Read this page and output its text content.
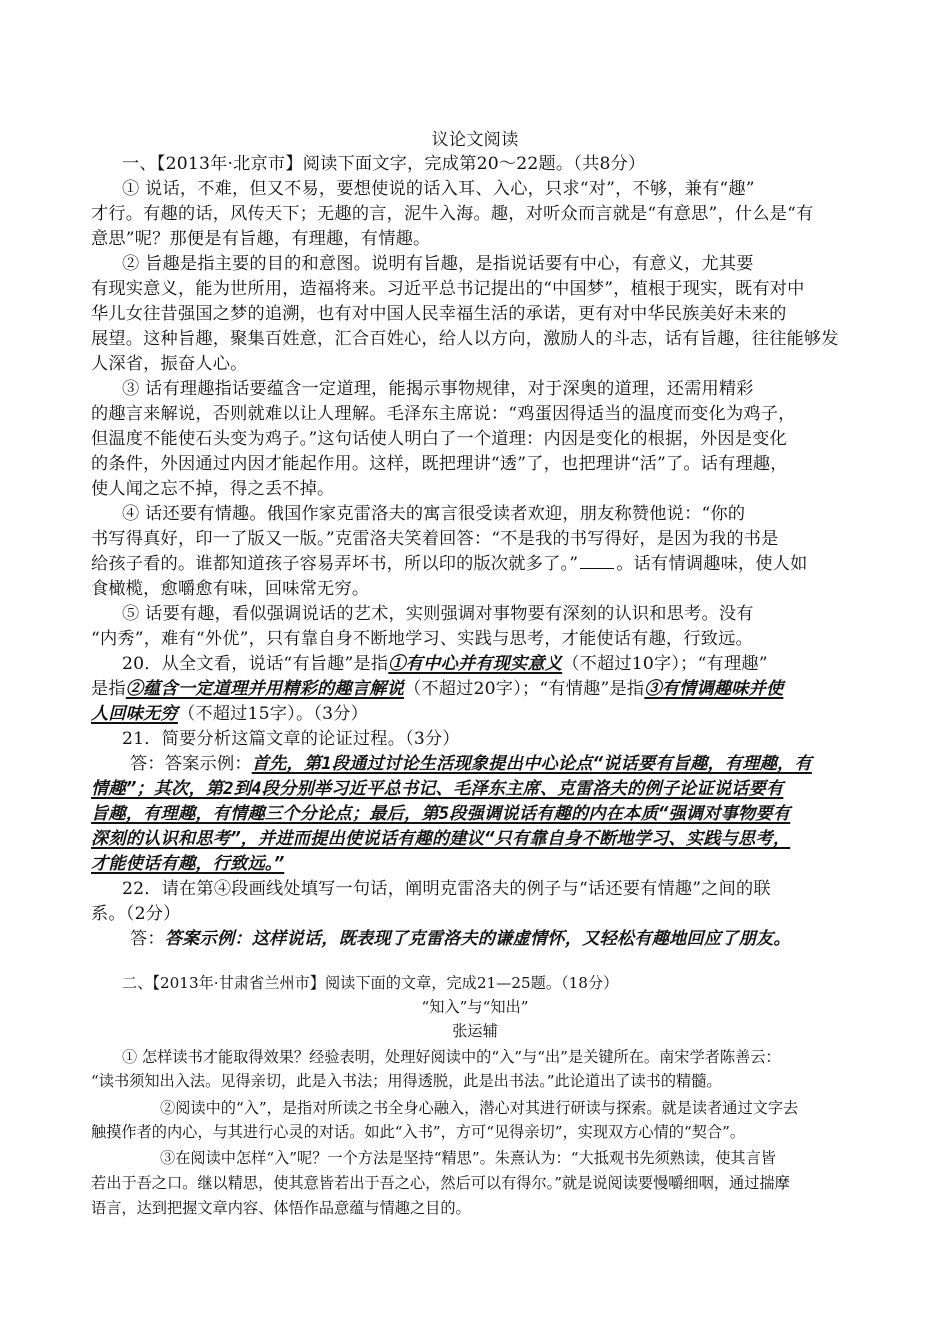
议论文阅读
一、【2013年·北京市】阅读下面文字，完成第20～22题。（共8分）
① 说话，不难，但又不易，要想使说的话入耳、入心，只求“对”，不够，兼有“趣”
才行。有趣的话，风传天下；无趣的言，泥牛入海。趣，对听众而言就是“有意思”，什么是“有
意思”呢？那便是有旨趣，有理趣，有情趣。
② 旨趣是指主要的目的和意图。说明有旨趣，是指说话要有中心，有意义，尤其要
有现实意义，能为世所用，造福将来。习近平总书记提出的“中国梦”，植根于现实，既有对中
华儿女往昔强国之梦的追溯，也有对中国人民幸福生活的承诺，更有对中华民族美好未来的
展望。这种旨趣，聚集百姓意，汇合百姓心，给人以方向，激励人的斗志，话有旨趣，往往能够发
人深省，振奋人心。
③ 话有理趣指话要蕴含一定道理，能揭示事物规律，对于深奥的道理，还需用精彩
的趣言来解说，否则就难以让人理解。毛泽东主席说：“鸡蛋因得适当的温度而变化为鸡子，
但温度不能使石头变为鸡子。”这句话使人明白了一个道理：内因是变化的根据，外因是变化
的条件，外因通过内因才能起作用。这样，既把理讲“透”了，也把理讲“活”了。话有理趣，
使人闻之忘不掉，得之丢不掉。
④ 话还要有情趣。俄国作家克雷洛夫的寓言很受读者欢迎，朋友称赞他说：“你的
书写得真好，印一了版又一版。”克雷洛夫笑着回答：“不是我的书写得好，是因为我的书是
给孩子看的。谁都知道孩子容易弄坏书，所以印的版次就多了。” 。话有情调趣味，使人如
食橄榄，愈嚼愈有味，回味常无穷。
⑤ 话要有趣，看似强调说话的艺术，实则强调对事物要有深刻的认识和思考。没有
“内秀”，难有“外优”，只有靠自身不断地学习、实践与思考，才能使话有趣，行致远。
20．从全文看，说话“有旨趣”是指①有中心并有现实意义（不超过10字）；“有理趣”
是指②蕴含一定道理并用精彩的趣言解说（不超过20字）；“有情趣”是指③有情调趣味并使
人回味无穷（不超过15字）。（3分）
21．简要分析这篇文章的论证过程。（3分）
答：答案示例：首先，第1段通过讨论生活现象提出中心论点“说话要有旨趣，有理趣，有
情趣”；其次，第2到4段分别举习近平总书记、毛泽东主席、克雷洛夫的例子论证说话要有
旨趣，有理趣，有情趣三个分论点；最后，第5段强调说话有趣的内在本质“强调对事物要有
深刻的认识和思考”，并进而提出使说话有趣的建议“只有靠自身不断地学习、实践与思考，
才能使话有趣，行致远。”
22．请在第④段画线处填写一句话，阐明克雷洛夫的例子与“话还要有情趣”之间的联
系。（2分）
答：答案示例：这样说话，既表现了克雷洛夫的谦虚情怀，又轻松有趣地回应了朋友。
二、【2013年·甘肃省兰州市】阅读下面的文章，完成21—25题。（18分）
“知入”与“知出”
张运辅
① 怎样读书才能取得效果？经验表明，处理好阅读中的“入”与“出”是关键所在。南宋学者陈善云：
“读书须知出入法。见得亲切，此是入书法；用得透脱，此是出书法。”此论道出了读书的精髓。
②阅读中的“入”，是指对所读之书全身心融入，潜心对其进行研读与探索。就是读者通过文字去
触摸作者的内心，与其进行心灵的对话。如此“入书”，方可“见得亲切”，实现双方心情的“契合”。
③在阅读中怎样“入”呢？一个方法是坚持“精思”。朱熹认为：“大抵观书先须熟读，使其言皆
若出于吾之口。继以精思，使其意皆若出于吾之心，然后可以有得尔。”就是说阅读要慢嚼细咽，通过揣摩
语言，达到把握文章内容、体悟作品意蕴与情趣之目的。
